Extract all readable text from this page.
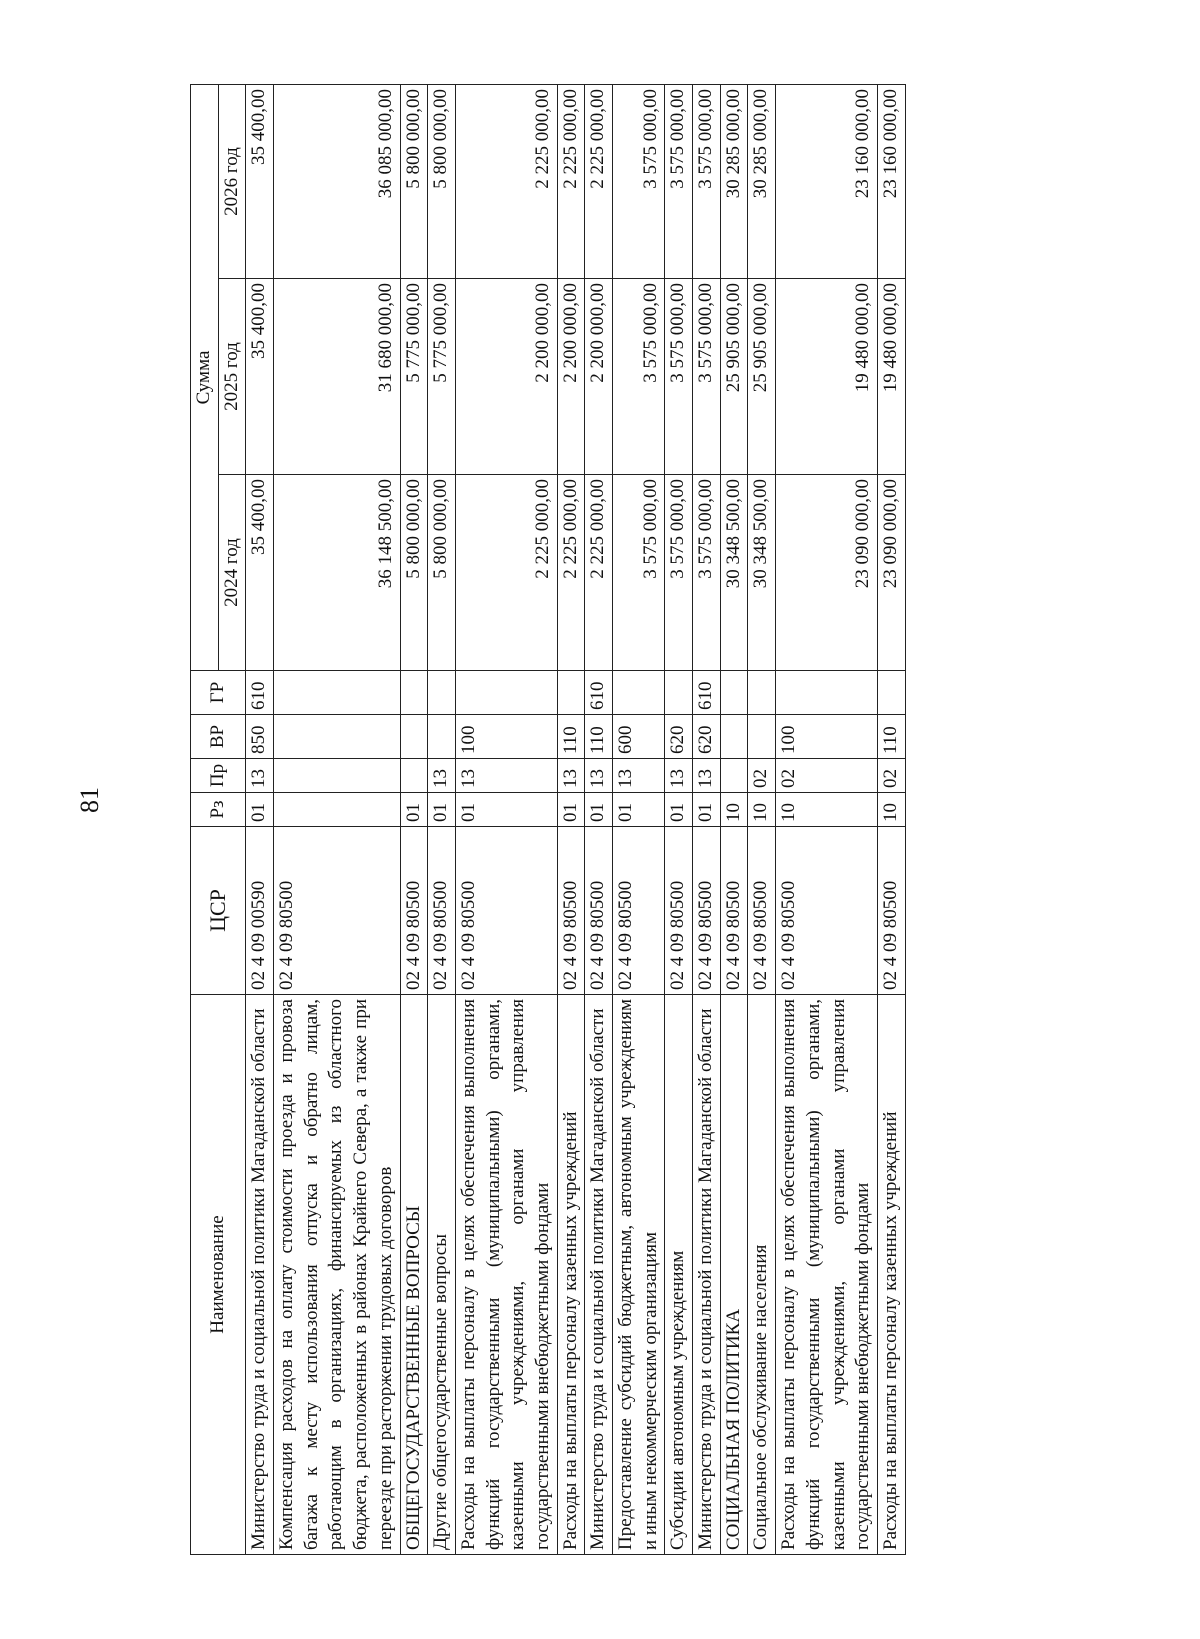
81
Наименование	ЦСР	Рз	Пр	ВР	ГР	Сумма		
						2024 год	2025 год	2026 год
Министерство труда и социальной политики Магаданской области	02 4 09 00590	01	13	850	610	35 400,00	35 400,00	35 400,00
Компенсация расходов на оплату стоимости проезда и провоза багажа к месту использования отпуска и обратно лицам, работающим в организациях, финансируемых из областного бюджета, расположенных в районах Крайнего Севера, а также при переезде при расторжении трудовых договоров	02 4 09 80500					36 148 500,00	31 680 000,00	36 085 000,00
ОБЩЕГОСУДАРСТВЕННЫЕ ВОПРОСЫ	02 4 09 80500	01				5 800 000,00	5 775 000,00	5 800 000,00
Другие общегосударственные вопросы	02 4 09 80500	01	13			5 800 000,00	5 775 000,00	5 800 000,00
Расходы на выплаты персоналу в целях обеспечения выполнения функций государственными (муниципальными) органами, казенными учреждениями, органами управления государственными внебюджетными фондами	02 4 09 80500	01	13	100		2 225 000,00	2 200 000,00	2 225 000,00
Расходы на выплаты персоналу казенных учреждений	02 4 09 80500	01	13	110		2 225 000,00	2 200 000,00	2 225 000,00
Министерство труда и социальной политики Магаданской области	02 4 09 80500	01	13	110	610	2 225 000,00	2 200 000,00	2 225 000,00
Предоставление субсидий бюджетным, автономным учреждениям и иным некоммерческим организациям	02 4 09 80500	01	13	600		3 575 000,00	3 575 000,00	3 575 000,00
Субсидии автономным учреждениям	02 4 09 80500	01	13	620		3 575 000,00	3 575 000,00	3 575 000,00
Министерство труда и социальной политики Магаданской области	02 4 09 80500	01	13	620	610	3 575 000,00	3 575 000,00	3 575 000,00
СОЦИАЛЬНАЯ ПОЛИТИКА	02 4 09 80500	10				30 348 500,00	25 905 000,00	30 285 000,00
Социальное обслуживание населения	02 4 09 80500	10	02			30 348 500,00	25 905 000,00	30 285 000,00
Расходы на выплаты персоналу в целях обеспечения выполнения функций государственными (муниципальными) органами, казенными учреждениями, органами управления государственными внебюджетными фондами	02 4 09 80500	10	02	100		23 090 000,00	19 480 000,00	23 160 000,00
Расходы на выплаты персоналу казенных учреждений	02 4 09 80500	10	02	110		23 090 000,00	19 480 000,00	23 160 000,00
